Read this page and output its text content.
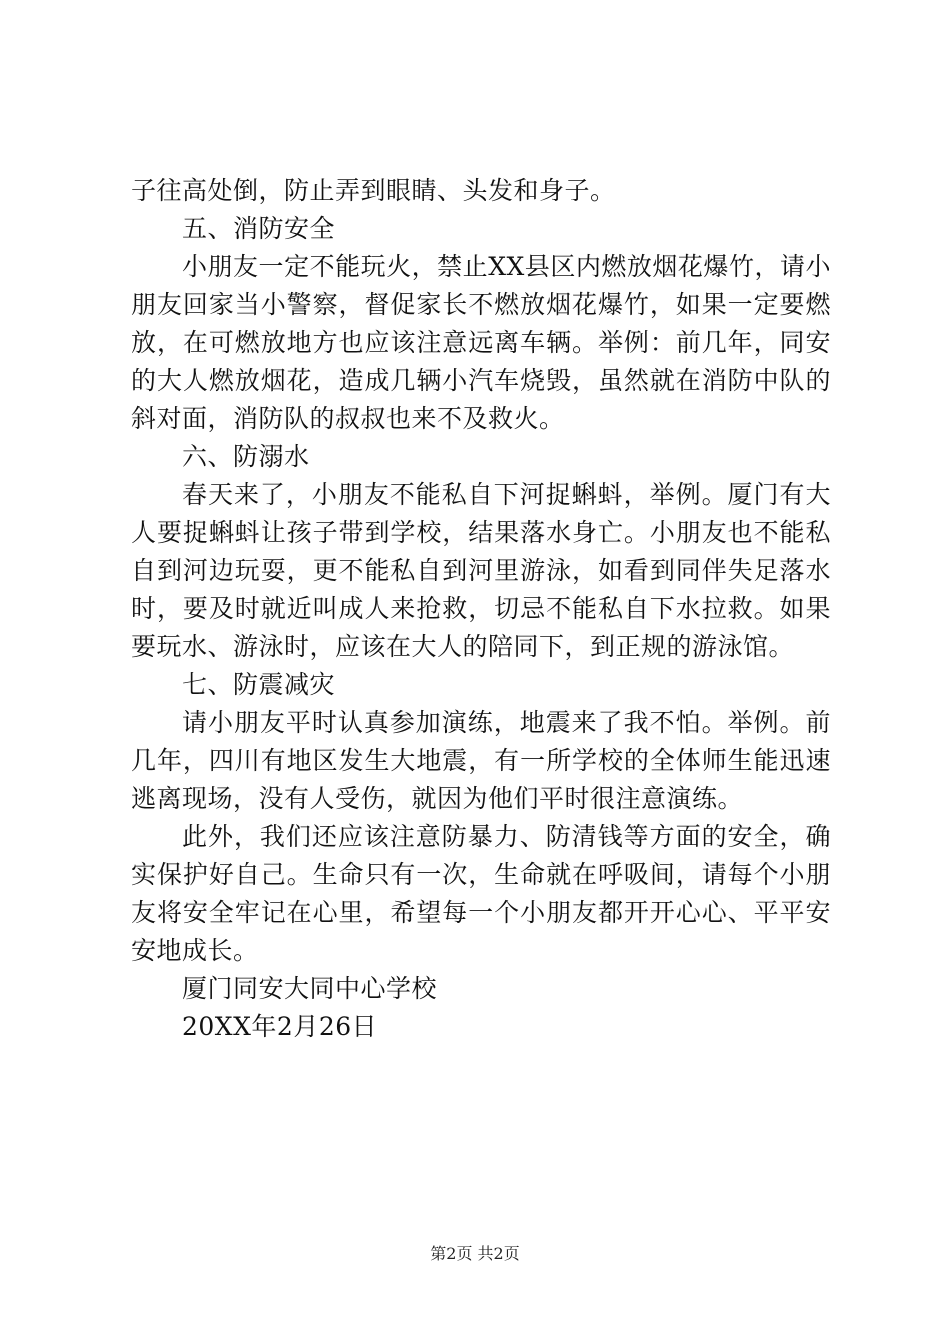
子往高处倒，防止弄到眼睛、头发和身子。
五、消防安全
小朋友一定不能玩火，禁止XX县区内燃放烟花爆竹，请小
朋友回家当小警察，督促家长不燃放烟花爆竹，如果一定要燃
放，在可燃放地方也应该注意远离车辆。举例：前几年，同安
的大人燃放烟花，造成几辆小汽车烧毁，虽然就在消防中队的
斜对面，消防队的叔叔也来不及救火。
六、防溺水
春天来了，小朋友不能私自下河捉蝌蚪，举例。厦门有大
人要捉蝌蚪让孩子带到学校，结果落水身亡。小朋友也不能私
自到河边玩耍，更不能私自到河里游泳，如看到同伴失足落水
时，要及时就近叫成人来抢救，切忌不能私自下水拉救。如果
要玩水、游泳时，应该在大人的陪同下，到正规的游泳馆。
七、防震减灾
请小朋友平时认真参加演练，地震来了我不怕。举例。前
几年，四川有地区发生大地震，有一所学校的全体师生能迅速
逃离现场，没有人受伤，就因为他们平时很注意演练。
此外，我们还应该注意防暴力、防清钱等方面的安全，确
实保护好自己。生命只有一次，生命就在呼吸间，请每个小朋
友将安全牢记在心里，希望每一个小朋友都开开心心、平平安
安地成长。
厦门同安大同中心学校
20XX年2月26日
第2页 共2页
